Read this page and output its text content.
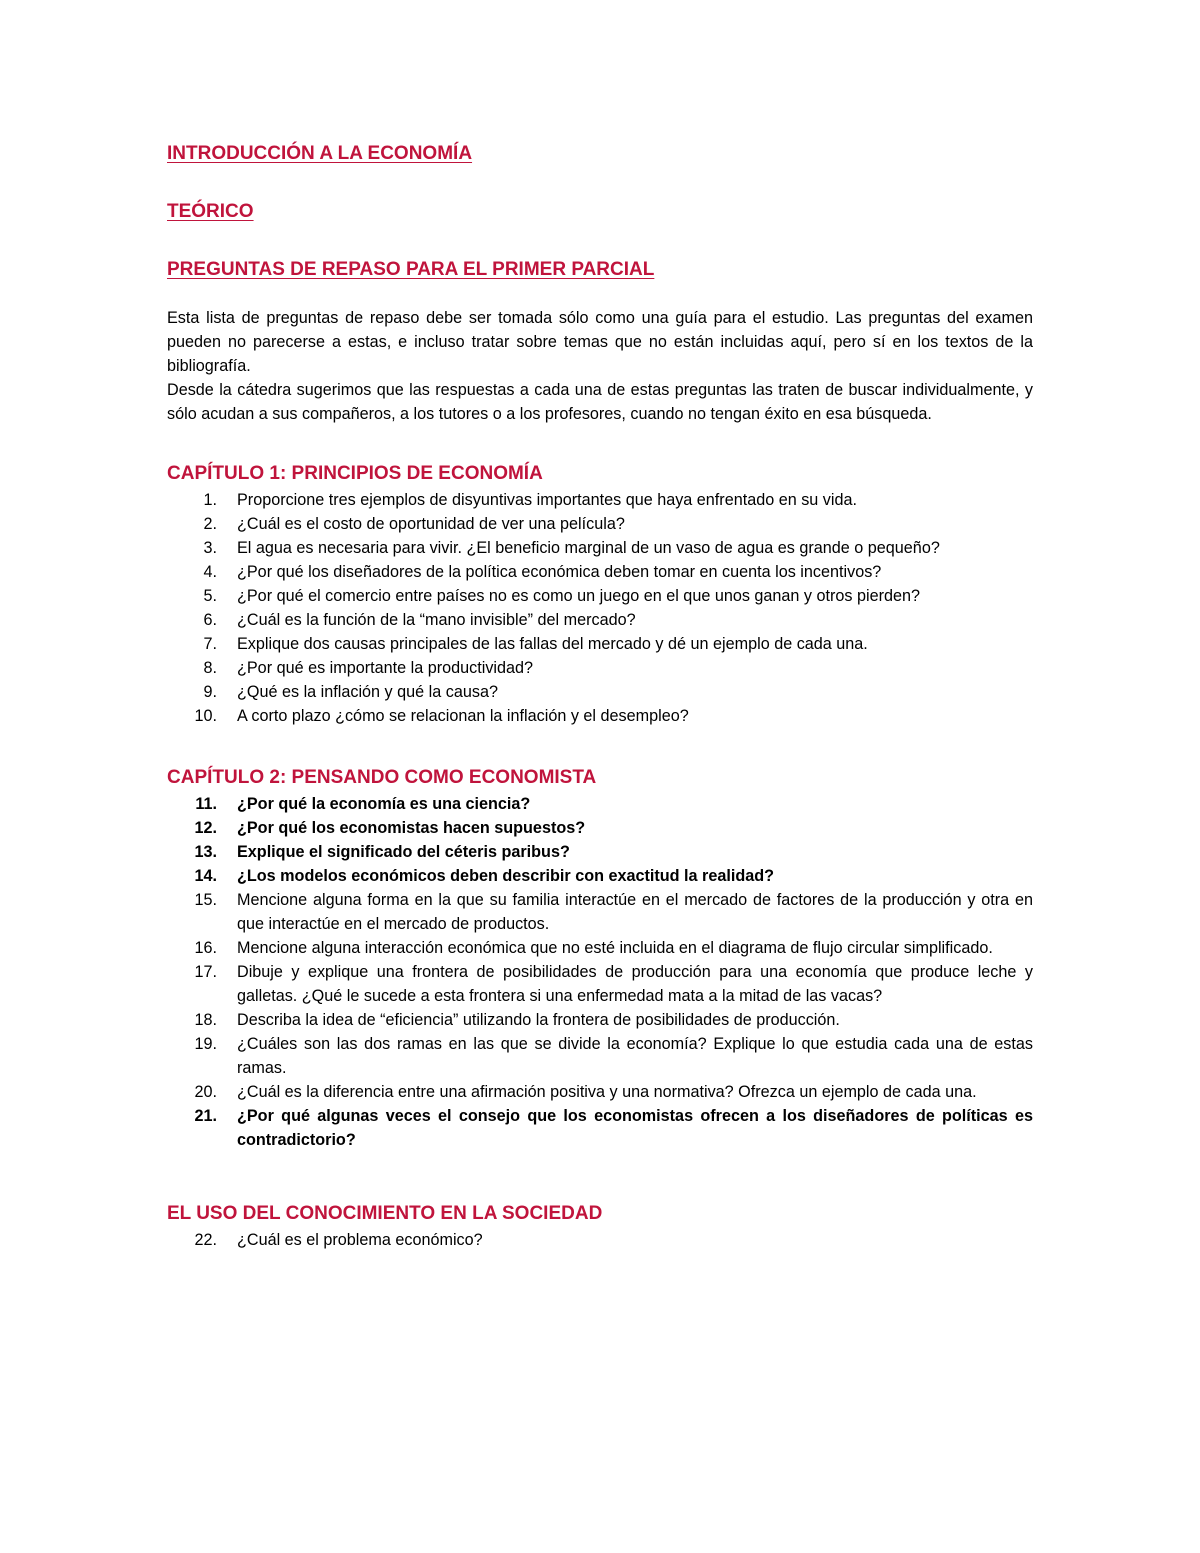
INTRODUCCIÓN A LA ECONOMÍA
TEÓRICO
PREGUNTAS DE REPASO PARA EL PRIMER PARCIAL

Esta lista de preguntas de repaso debe ser tomada sólo como una guía para el estudio. Las preguntas del examen pueden no parecerse a estas, e incluso tratar sobre temas que no están incluidas aquí, pero sí en los textos de la bibliografía.

Desde la cátedra sugerimos que las respuestas a cada una de estas preguntas las traten de buscar individualmente, y sólo acudan a sus compañeros, a los tutores o a los profesores, cuando no tengan éxito en esa búsqueda.

CAPÍTULO 1: PRINCIPIOS DE ECONOMÍA
1. Proporcione tres ejemplos de disyuntivas importantes que haya enfrentado en su vida.
2. ¿Cuál es el costo de oportunidad de ver una película?
3. El agua es necesaria para vivir. ¿El beneficio marginal de un vaso de agua es grande o pequeño?
4. ¿Por qué los diseñadores de la política económica deben tomar en cuenta los incentivos?
5. ¿Por qué el comercio entre países no es como un juego en el que unos ganan y otros pierden?
6. ¿Cuál es la función de la “mano invisible” del mercado?
7. Explique dos causas principales de las fallas del mercado y dé un ejemplo de cada una.
8. ¿Por qué es importante la productividad?
9. ¿Qué es la inflación y qué la causa?
10. A corto plazo ¿cómo se relacionan la inflación y el desempleo?
CAPÍTULO 2: PENSANDO COMO ECONOMISTA
11. ¿Por qué la economía es una ciencia?
12. ¿Por qué los economistas hacen supuestos?
13. Explique el significado del céteris paribus?
14. ¿Los modelos económicos deben describir con exactitud la realidad?
15. Mencione alguna forma en la que su familia interactúe en el mercado de factores de la producción y otra en que interactúe en el mercado de productos.
16. Mencione alguna interacción económica que no esté incluida en el diagrama de flujo circular simplificado.
17. Dibuje y explique una frontera de posibilidades de producción para una economía que produce leche y galletas. ¿Qué le sucede a esta frontera si una enfermedad mata a la mitad de las vacas?
18. Describa la idea de “eficiencia” utilizando la frontera de posibilidades de producción.
19. ¿Cuáles son las dos ramas en las que se divide la economía? Explique lo que estudia cada una de estas ramas.
20. ¿Cuál es la diferencia entre una afirmación positiva y una normativa? Ofrezca un ejemplo de cada una.
21. ¿Por qué algunas veces el consejo que los economistas ofrecen a los diseñadores de políticas es contradictorio?
EL USO DEL CONOCIMIENTO EN LA SOCIEDAD
22. ¿Cuál es el problema económico?
